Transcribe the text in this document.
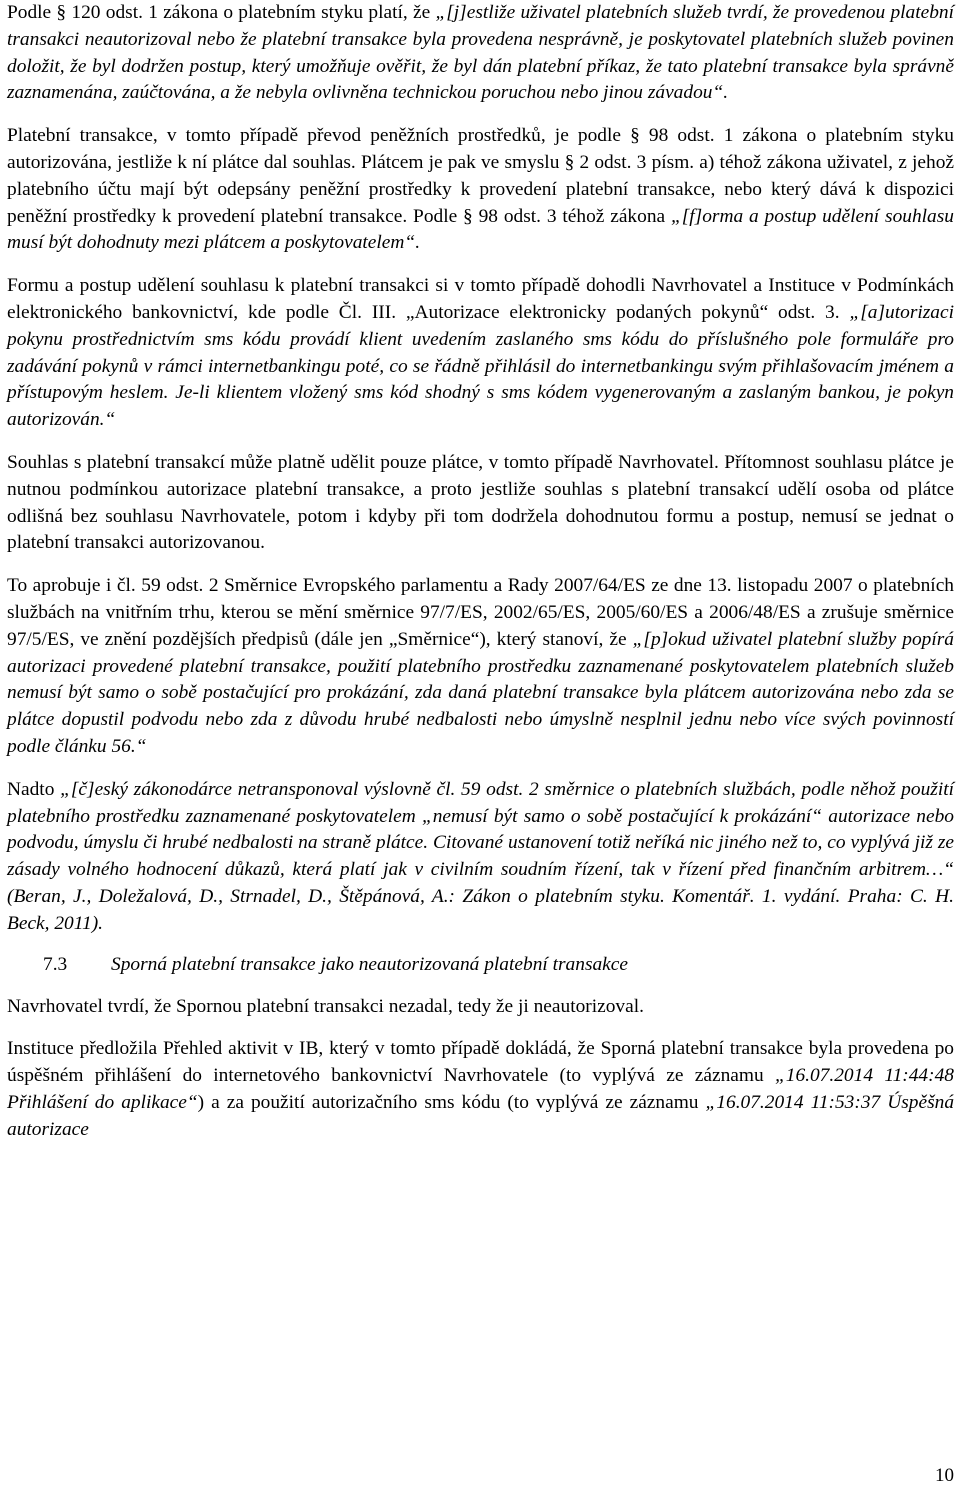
Podle § 120 odst. 1 zákona o platebním styku platí, že „[j]estliže uživatel platebních služeb tvrdí, že provedenou platební transakci neautorizoval nebo že platební transakce byla provedena nesprávně, je poskytovatel platebních služeb povinen doložit, že byl dodržen postup, který umožňuje ověřit, že byl dán platební příkaz, že tato platební transakce byla správně zaznamenána, zaúčtována, a že nebyla ovlivněna technickou poruchou nebo jinou závadou“.

Platební transakce, v tomto případě převod peněžních prostředků, je podle § 98 odst. 1 zákona o platebním styku autorizována, jestliže k ní plátce dal souhlas. Plátcem je pak ve smyslu § 2 odst. 3 písm. a) téhož zákona uživatel, z jehož platebního účtu mají být odepsány peněžní prostředky k provedení platební transakce, nebo který dává k dispozici peněžní prostředky k provedení platební transakce. Podle § 98 odst. 3 téhož zákona „[f]orma a postup udělení souhlasu musí být dohodnuty mezi plátcem a poskytovatelem“.

Formu a postup udělení souhlasu k platební transakci si v tomto případě dohodli Navrhovatel a Instituce v Podmínkách elektronického bankovnictví, kde podle Čl. III. „Autorizace elektronicky podaných pokynů“ odst. 3. „[a]utorizaci pokynu prostřednictvím sms kódu provádí klient uvedením zaslaného sms kódu do příslušného pole formuláře pro zadávání pokynů v rámci internetbankingu poté, co se řádně přihlásil do internetbankingu svým přihlašovacím jménem a přístupovým heslem. Je-li klientem vložený sms kód shodný s sms kódem vygenerovaným a zaslaným bankou, je pokyn autorizován.“

Souhlas s platební transakcí může platně udělit pouze plátce, v tomto případě Navrhovatel. Přítomnost souhlasu plátce je nutnou podmínkou autorizace platební transakce, a proto jestliže souhlas s platební transakcí udělí osoba od plátce odlišná bez souhlasu Navrhovatele, potom i kdyby při tom dodržela dohodnutou formu a postup, nemusí se jednat o platební transakci autorizovanou.

To aprobuje i čl. 59 odst. 2 Směrnice Evropského parlamentu a Rady 2007/64/ES ze dne 13. listopadu 2007 o platebních službách na vnitřním trhu, kterou se mění směrnice 97/7/ES, 2002/65/ES, 2005/60/ES a 2006/48/ES a zrušuje směrnice 97/5/ES, ve znění pozdějších předpisů (dále jen „Směrnice“), který stanoví, že „[p]okud uživatel platební služby popírá autorizaci provedené platební transakce, použití platebního prostředku zaznamenané poskytovatelem platebních služeb nemusí být samo o sobě postačující pro prokázání, zda daná platební transakce byla plátcem autorizována nebo zda se plátce dopustil podvodu nebo zda z důvodu hrubé nedbalosti nebo úmyslně nesplnil jednu nebo více svých povinností podle článku 56.“

Nadto „[č]eský zákonodárce netransponoval výslovně čl. 59 odst. 2 směrnice o platebních službách, podle něhož použití platebního prostředku zaznamenané poskytovatelem „nemusí být samo o sobě postačující k prokázání“ autorizace nebo podvodu, úmyslu či hrubé nedbalosti na straně plátce. Citované ustanovení totiž neříká nic jiného než to, co vyplývá již ze zásady volného hodnocení důkazů, která platí jak v civilním soudním řízení, tak v řízení před finančním arbitrem…“ (Beran, J., Doležalová, D., Strnadel, D., Štěpánová, A.: Zákon o platebním styku. Komentář. 1. vydání. Praha: C. H. Beck, 2011).

7.3	Sporná platební transakce jako neautorizovaná platební transakce

Navrhovatel tvrdí, že Spornou platební transakci nezadal, tedy že ji neautorizoval.

Instituce předložila Přehled aktivit v IB, který v tomto případě dokládá, že Sporná platební transakce byla provedena po úspěšném přihlášení do internetového bankovnictví Navrhovatele (to vyplývá ze záznamu „16.07.2014 11:44:48 Přihlášení do aplikace“) a za použití autorizačního sms kódu (to vyplývá ze záznamu „16.07.2014 11:53:37 Úspěšná autorizace

10
